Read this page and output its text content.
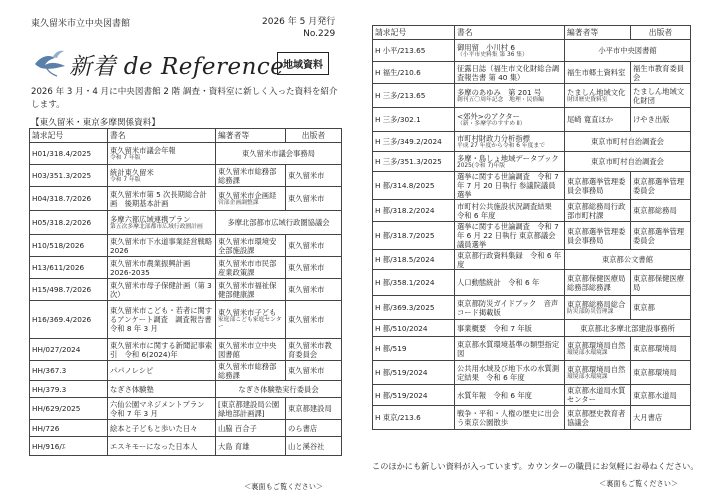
東久留米市立中央図書館	2026 年 5 月発行
No.229
新着 de Reference
地域資料
2026 年 3 月・4 月に中央図書館 2 階 調査・資料室に新しく入った資料を紹介します。
【東久留米・東京多摩関係資料】
請求記号	書名	編著者等	出版者
H01/318.4/2025	東久留米市議会年報
令和 7 年版	東久留米市議会事務局	
H03/351.3/2025	統計東久留米
令和 7 年版	東久留米市総務部総務課	東久留米市
H04/318.7/2026	東久留米市第 5 次長期総合計画　後期基本計画	東久留米市企画経
営部企画調整課	東久留米市
H05/318.2/2026	多摩六都広域連携プラン
第五次多摩北部都市広域行政圏計画	多摩北部都市広域行政圏協議会	
H10/518/2026	東久留米市下水道事業経営戦略　2026	東久留米市環境安全部施設課	東久留米市
H13/611/2026	東久留米市農業振興計画 2026-2035	東久留米市市民部産業政策課	東久留米市
H15/498.7/2026	東久留米市母子保健計画（第 3 次）	東久留米市福祉保健部健康課	東久留米市
H16/369.4/2026	東久留米市こども・若者に関するアンケート調査　調査報告書　令和 8 年 3 月	東久留米市子ども
家庭部こども家庭センター	東久留米市
HH/027/2024	東久留米市に関する新聞記事索引　令和 6(2024)年	東久留米市立中央図書館	東久留米市教育委員会
HH/367.3	パパノレシピ	東久留米市総務部総務課	東久留米市
HH/379.3	なぎさ体験塾	なぎさ体験塾実行委員会	
HH/629/2025	六仙公園マネジメントプラン　令和 7 年 3 月	[東京都建設局公園緑地部計画課]	東京都建設局
HH/726	絵本と子どもと歩いた日々	山脇 百合子	のら書店
HH/916/ｴ	エスキモーになった日本人	大島 育雄	山と溪谷社
＜裏面もご覧ください＞
請求記号	書名	編著者等	出版者
H 小平/213.65	御用留　小川村 6
（小平市史料集 第 36 集）	小平市中央図書館	
H 福生/210.6	征露日誌（福生市文化財総合調査報告書 第 40 集）	福生市郷土資料室	福生市教育委員会
H 三多/213.65	多摩のあゆみ　第 201 号
創刊五〇周年記念　地理・民俗編	たましん地域文化
財団歴史資料室	たましん地域文化財団
H 三多/302.1	<郊外>のアクター
（新・多摩学のすすめ Ⅱ）	尾崎 寛直ほか	けやき出版
H 三多/349.2/2024	市町村財政力分析指標
平成 27 年度から令和 6 年度まで	東京市町村自治調査会	
H 三多/351.3/2025	多摩・島しょ地域データブック
2025(令和 7)年版	東京市町村自治調査会	
H 都/314.8/2025	選挙に関する世論調査　令和 7 年 7 月 20 日執行 参議院議員選挙	東京都選挙管理委員会事務局	東京都選挙管理委員会
H 都/318.2/2024	市町村公共施設状況調査結果　令和 6 年度	東京都総務局行政部市町村課	東京都総務局
H 都/318.7/2025	選挙に関する世論調査　令和 7 年 6 月 22 日執行 東京都議会議員選挙	東京都選挙管理委員会事務局	東京都選挙管理委員会
H 都/318.5/2024	東京都行政資料集録　令和 6 年度	東京都公文書館	
H 都/358.1/2024	人口動態統計　令和 6 年	東京都保健医療局総務部総務課	東京都保健医療局
H 都/369.3/2025	東京都防災ガイドブック　音声コード掲載版	東京都総務局総合
防災部防災管理課	東京都
H 都/510/2024	事業概要　令和 7 年版	東京都北多摩北部建設事務所	
H 都/519	東京都水質環境基準の類型指定図	東京都環境局自然
環境部水環境課	東京都環境局
H 都/519/2024	公共用水域及び地下水の水質測定結果　令和 6 年度	東京都環境局自然
環境部水環境課	東京都環境局
H 都/519/2024	水質年報　令和 6 年度	東京都水道局水質センター	東京都水道局
H 東京/213.6	戦争・平和・人権の歴史に出会う東京公園散歩	東京都歴史教育者協議会	大月書店
このほかにも新しい資料が入っています。カウンターの職員にお気軽にお尋ねください。
＜裏面もご覧ください＞
